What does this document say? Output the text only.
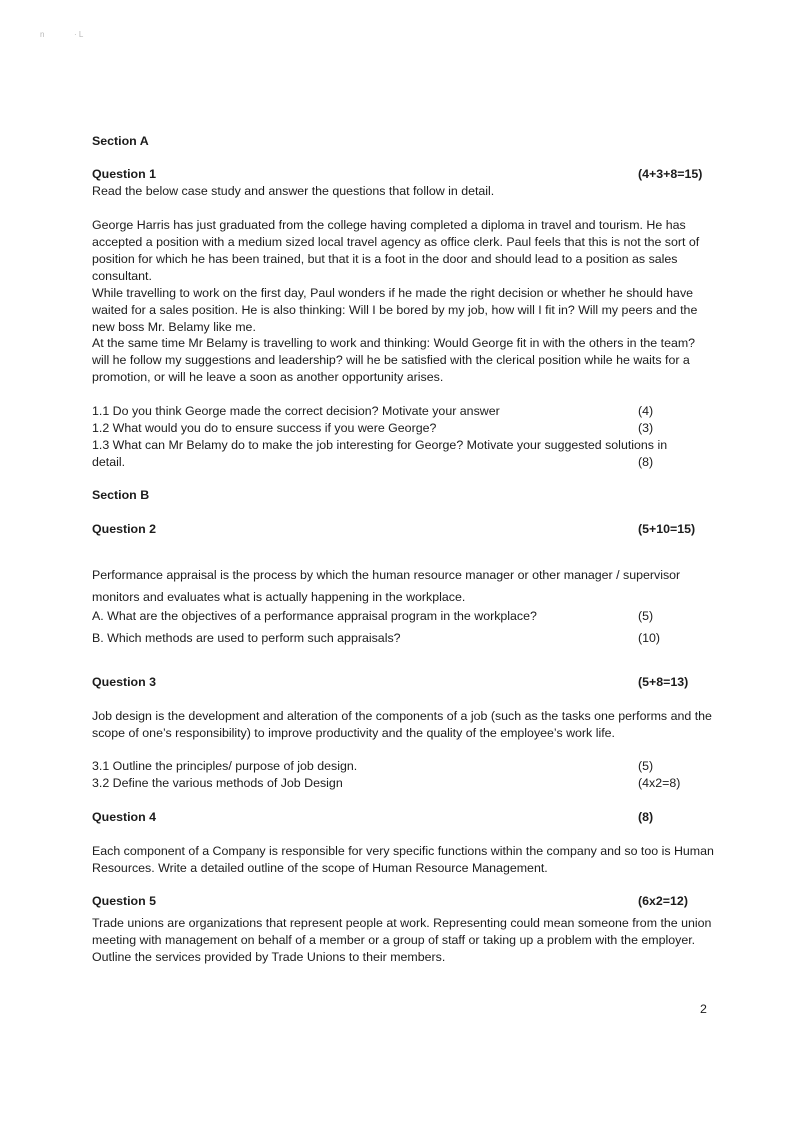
n	· L
Section A
Question 1	(4+3+8=15)
Read the below case study and answer the questions that follow in detail.
George Harris has just graduated from the college having completed a diploma in travel and tourism. He has accepted a position with a medium sized local travel agency as office clerk. Paul feels that this is not the sort of position for which he has been trained, but that it is a foot in the door and should lead to a position as sales consultant.
While travelling to work on the first day, Paul wonders if he made the right decision or whether he should have waited for a sales position. He is also thinking: Will I be bored by my job, how will I fit in? Will my peers and the new boss Mr. Belamy like me.
At the same time Mr Belamy is travelling to work and thinking: Would George fit in with the others in the team? will he follow my suggestions and leadership? will he be satisfied with the clerical position while he waits for a promotion, or will he leave a soon as another opportunity arises.
1.1 Do you think George made the correct decision? Motivate your answer	(4)
1.2 What would you do to ensure success if you were George?	(3)
1.3 What can Mr Belamy do to make the job interesting for George? Motivate your suggested solutions in
detail.	(8)
Section B
Question 2	(5+10=15)
Performance appraisal is the process by which the human resource manager or other manager / supervisor monitors and evaluates what is actually happening in the workplace.
A. What are the objectives of a performance appraisal program in the workplace?	(5)
B. Which methods are used to perform such appraisals?	(10)
Question 3	(5+8=13)
Job design is the development and alteration of the components of a job (such as the tasks one performs and the scope of one’s responsibility) to improve productivity and the quality of the employee’s work life.
3.1 Outline the principles/ purpose of job design.	(5)
3.2 Define the various methods of Job Design	(4x2=8)
Question 4	(8)
Each component of a Company is responsible for very specific functions within the company and so too is Human Resources. Write a detailed outline of the scope of Human Resource Management.
Question 5	(6x2=12)
Trade unions are organizations that represent people at work. Representing could mean someone from the union meeting with management on behalf of a member or a group of staff or taking up a problem with the employer. Outline the services provided by Trade Unions to their members.
2
